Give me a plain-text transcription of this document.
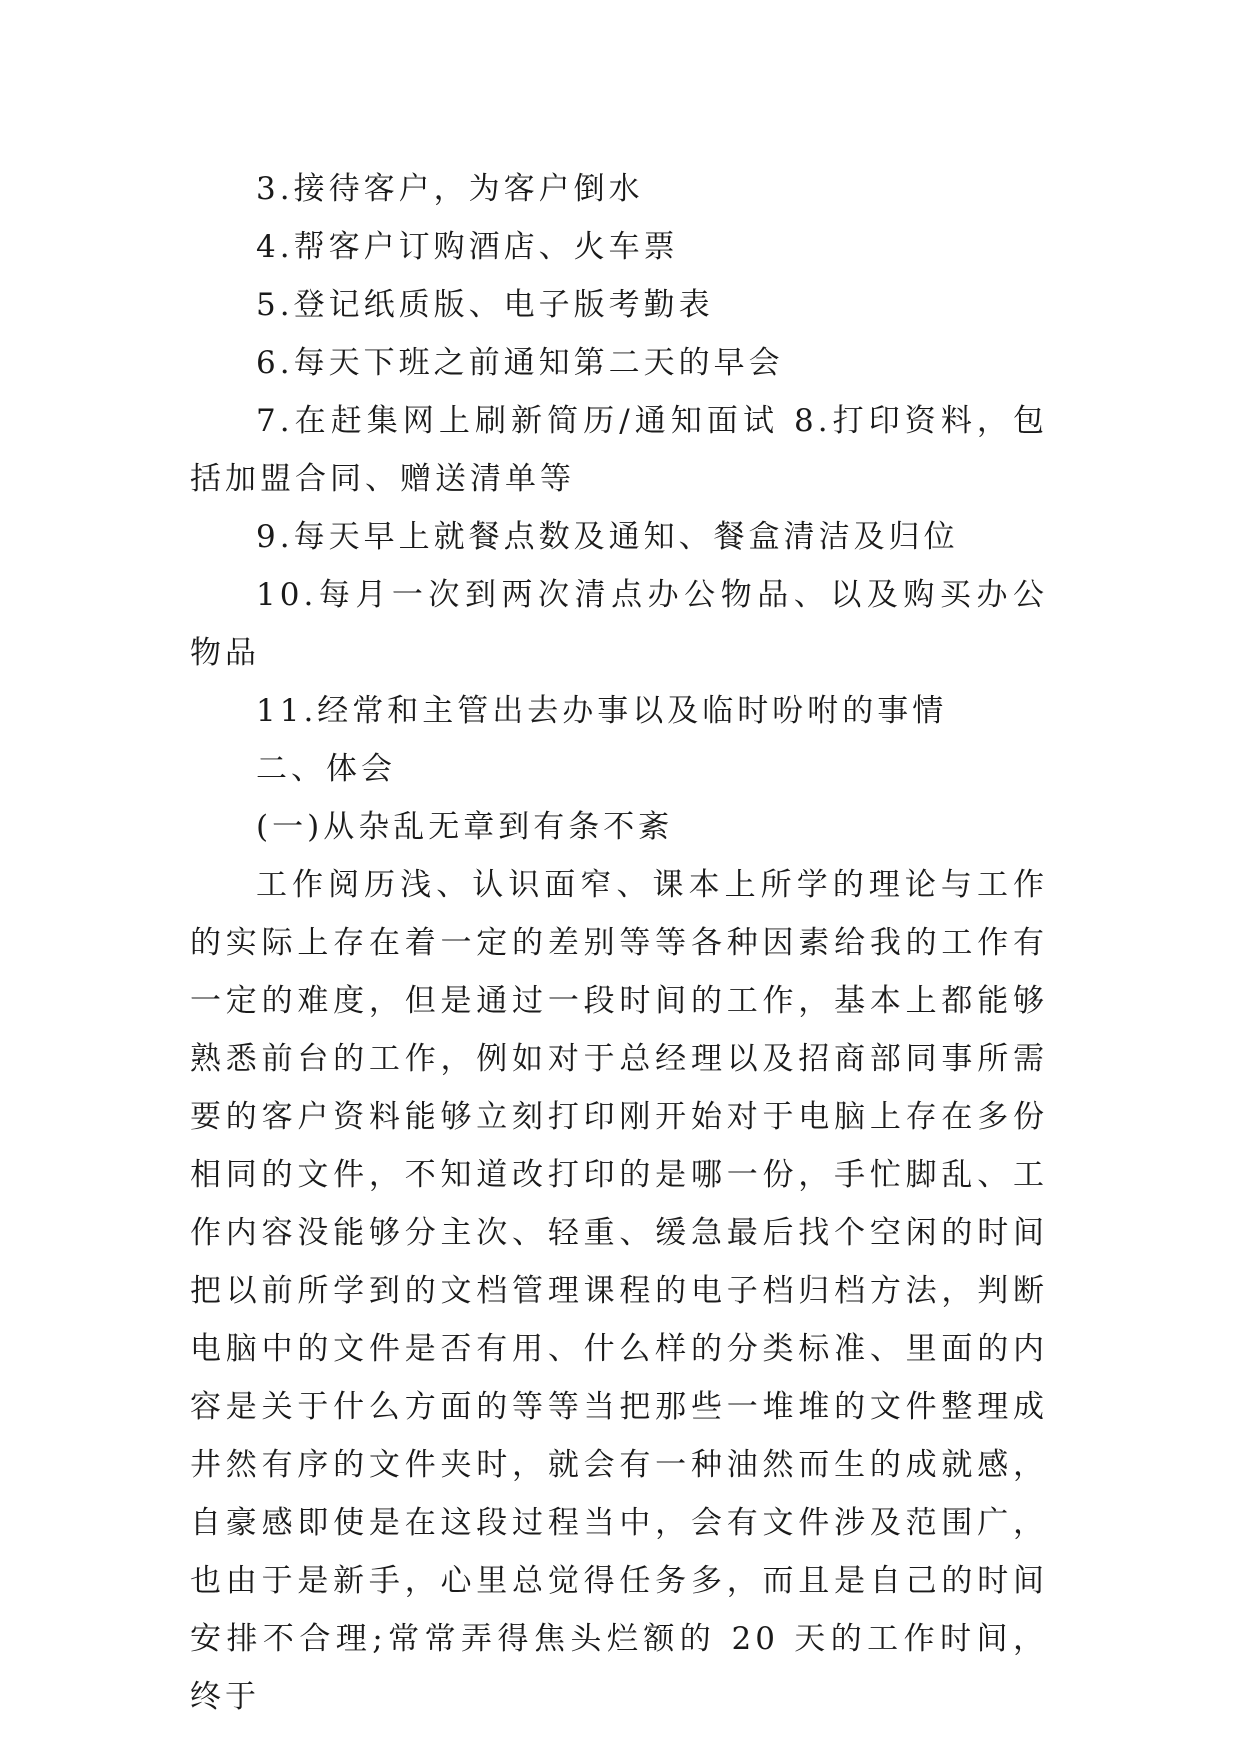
3.接待客户，为客户倒水

4.帮客户订购酒店、火车票

5.登记纸质版、电子版考勤表

6.每天下班之前通知第二天的早会

7.在赶集网上刷新简历/通知面试 8.打印资料，包括加盟合同、赠送清单等

9.每天早上就餐点数及通知、餐盒清洁及归位

10.每月一次到两次清点办公物品、以及购买办公物品

11.经常和主管出去办事以及临时吩咐的事情

二、体会

(一)从杂乱无章到有条不紊

工作阅历浅、认识面窄、课本上所学的理论与工作的实际上存在着一定的差别等等各种因素给我的工作有一定的难度，但是通过一段时间的工作，基本上都能够熟悉前台的工作，例如对于总经理以及招商部同事所需要的客户资料能够立刻打印刚开始对于电脑上存在多份相同的文件，不知道改打印的是哪一份，手忙脚乱、工作内容没能够分主次、轻重、缓急最后找个空闲的时间把以前所学到的文档管理课程的电子档归档方法，判断电脑中的文件是否有用、什么样的分类标准、里面的内容是关于什么方面的等等当把那些一堆堆的文件整理成井然有序的文件夹时，就会有一种油然而生的成就感，自豪感即使是在这段过程当中，会有文件涉及范围广，也由于是新手，心里总觉得任务多，而且是自己的时间安排不合理;常常弄得焦头烂额的 20 天的工作时间，终于
